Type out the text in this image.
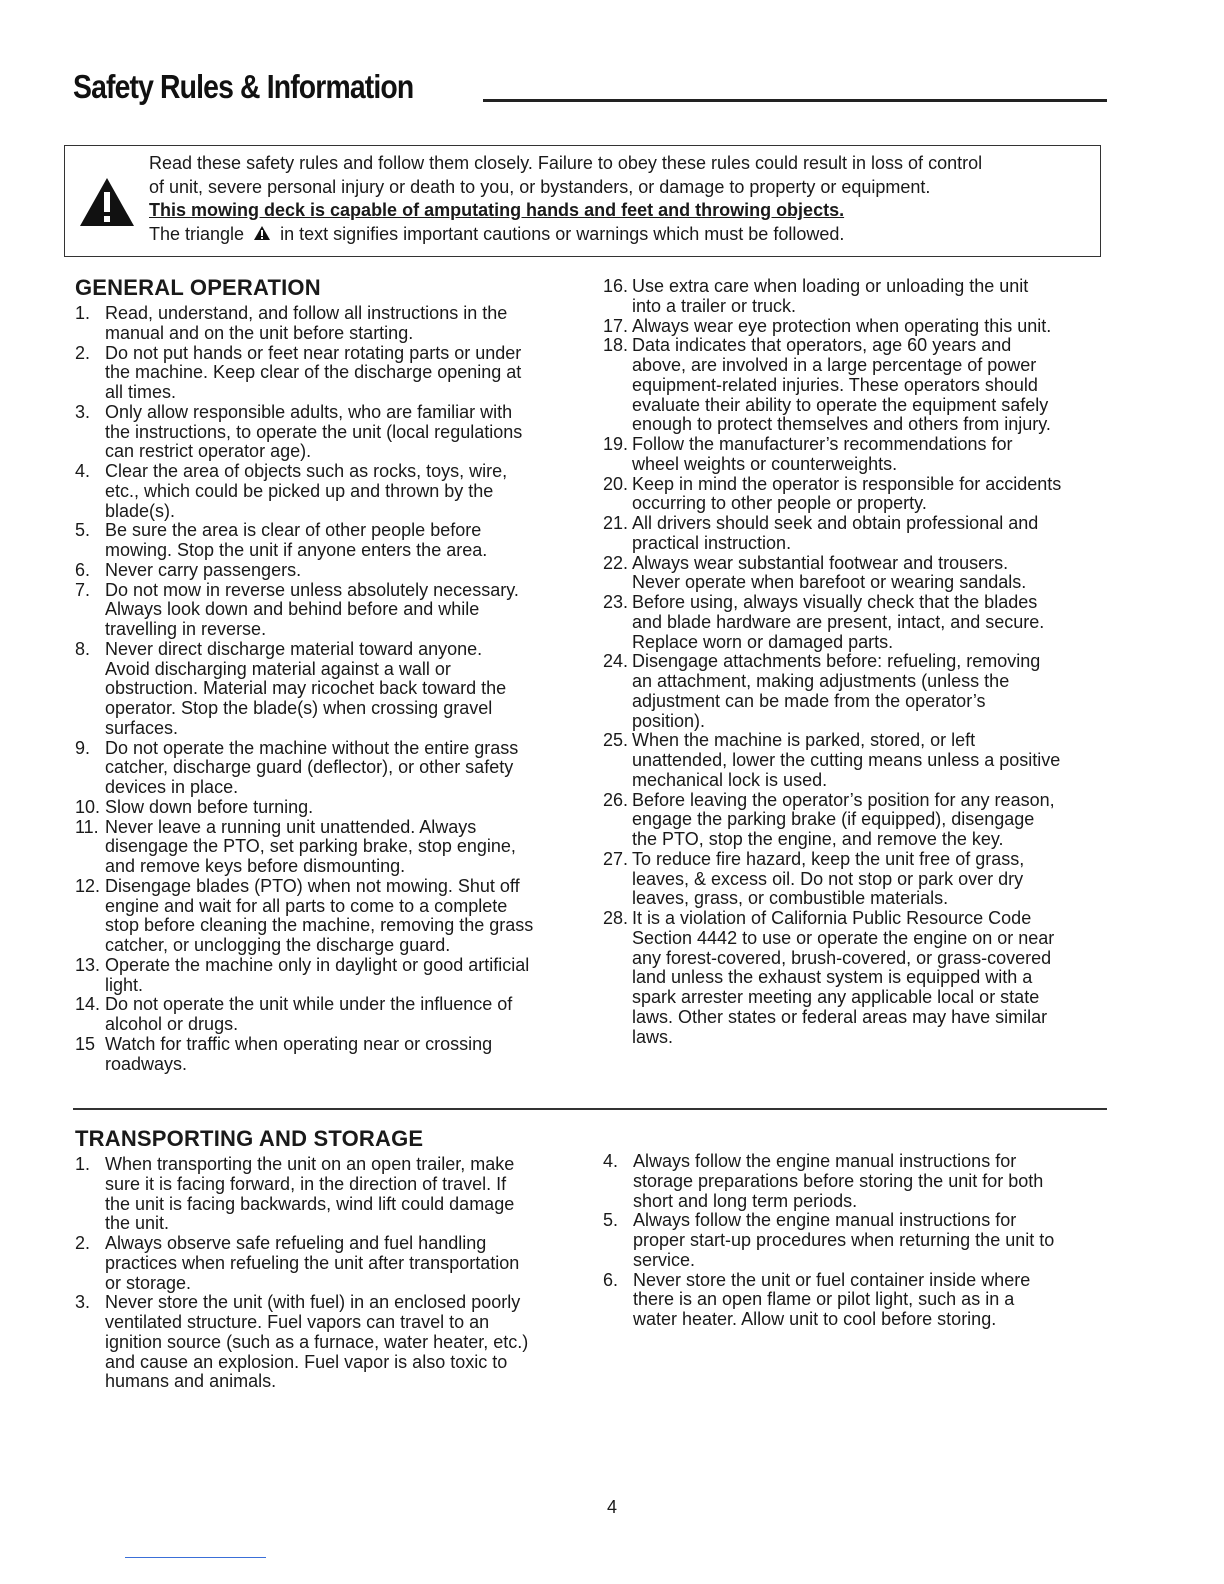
Safety Rules & Information
Read these safety rules and follow them closely. Failure to obey these rules could result in loss of control
of unit, severe personal injury or death to you, or bystanders, or damage to property or equipment.
This mowing deck is capable of amputating hands and feet and throwing objects.
The triangle in text signifies important cautions or warnings which must be followed.
GENERAL OPERATION
1. Read, understand, and follow all instructions in the
manual and on the unit before starting.
2. Do not put hands or feet near rotating parts or under
the machine. Keep clear of the discharge opening at
all times.
3. Only allow responsible adults, who are familiar with
the instructions, to operate the unit (local regulations
can restrict operator age).
4. Clear the area of objects such as rocks, toys, wire,
etc., which could be picked up and thrown by the
blade(s).
5. Be sure the area is clear of other people before
mowing. Stop the unit if anyone enters the area.
6. Never carry passengers.
7. Do not mow in reverse unless absolutely necessary.
Always look down and behind before and while
travelling in reverse.
8. Never direct discharge material toward anyone.
Avoid discharging material against a wall or
obstruction. Material may ricochet back toward the
operator. Stop the blade(s) when crossing gravel
surfaces.
9. Do not operate the machine without the entire grass
catcher, discharge guard (deflector), or other safety
devices in place.
10. Slow down before turning.
11. Never leave a running unit unattended. Always
disengage the PTO, set parking brake, stop engine,
and remove keys before dismounting.
12. Disengage blades (PTO) when not mowing. Shut off
engine and wait for all parts to come to a complete
stop before cleaning the machine, removing the grass
catcher, or unclogging the discharge guard.
13. Operate the machine only in daylight or good artificial
light.
14. Do not operate the unit while under the influence of
alcohol or drugs.
15 Watch for traffic when operating near or crossing
roadways.
16. Use extra care when loading or unloading the unit
into a trailer or truck.
17. Always wear eye protection when operating this unit.
18. Data indicates that operators, age 60 years and
above, are involved in a large percentage of power
equipment-related injuries. These operators should
evaluate their ability to operate the equipment safely
enough to protect themselves and others from injury.
19. Follow the manufacturer’s recommendations for
wheel weights or counterweights.
20. Keep in mind the operator is responsible for accidents
occurring to other people or property.
21. All drivers should seek and obtain professional and
practical instruction.
22. Always wear substantial footwear and trousers.
Never operate when barefoot or wearing sandals.
23. Before using, always visually check that the blades
and blade hardware are present, intact, and secure.
Replace worn or damaged parts.
24. Disengage attachments before: refueling, removing
an attachment, making adjustments (unless the
adjustment can be made from the operator’s
position).
25. When the machine is parked, stored, or left
unattended, lower the cutting means unless a positive
mechanical lock is used.
26. Before leaving the operator’s position for any reason,
engage the parking brake (if equipped), disengage
the PTO, stop the engine, and remove the key.
27. To reduce fire hazard, keep the unit free of grass,
leaves, & excess oil. Do not stop or park over dry
leaves, grass, or combustible materials.
28. It is a violation of California Public Resource Code
Section 4442 to use or operate the engine on or near
any forest-covered, brush-covered, or grass-covered
land unless the exhaust system is equipped with a
spark arrester meeting any applicable local or state
laws. Other states or federal areas may have similar
laws.
TRANSPORTING AND STORAGE
1. When transporting the unit on an open trailer, make
sure it is facing forward, in the direction of travel. If
the unit is facing backwards, wind lift could damage
the unit.
2. Always observe safe refueling and fuel handling
practices when refueling the unit after transportation
or storage.
3. Never store the unit (with fuel) in an enclosed poorly
ventilated structure. Fuel vapors can travel to an
ignition source (such as a furnace, water heater, etc.)
and cause an explosion. Fuel vapor is also toxic to
humans and animals.
4. Always follow the engine manual instructions for
storage preparations before storing the unit for both
short and long term periods.
5. Always follow the engine manual instructions for
proper start-up procedures when returning the unit to
service.
6. Never store the unit or fuel container inside where
there is an open flame or pilot light, such as in a
water heater. Allow unit to cool before storing.
4
